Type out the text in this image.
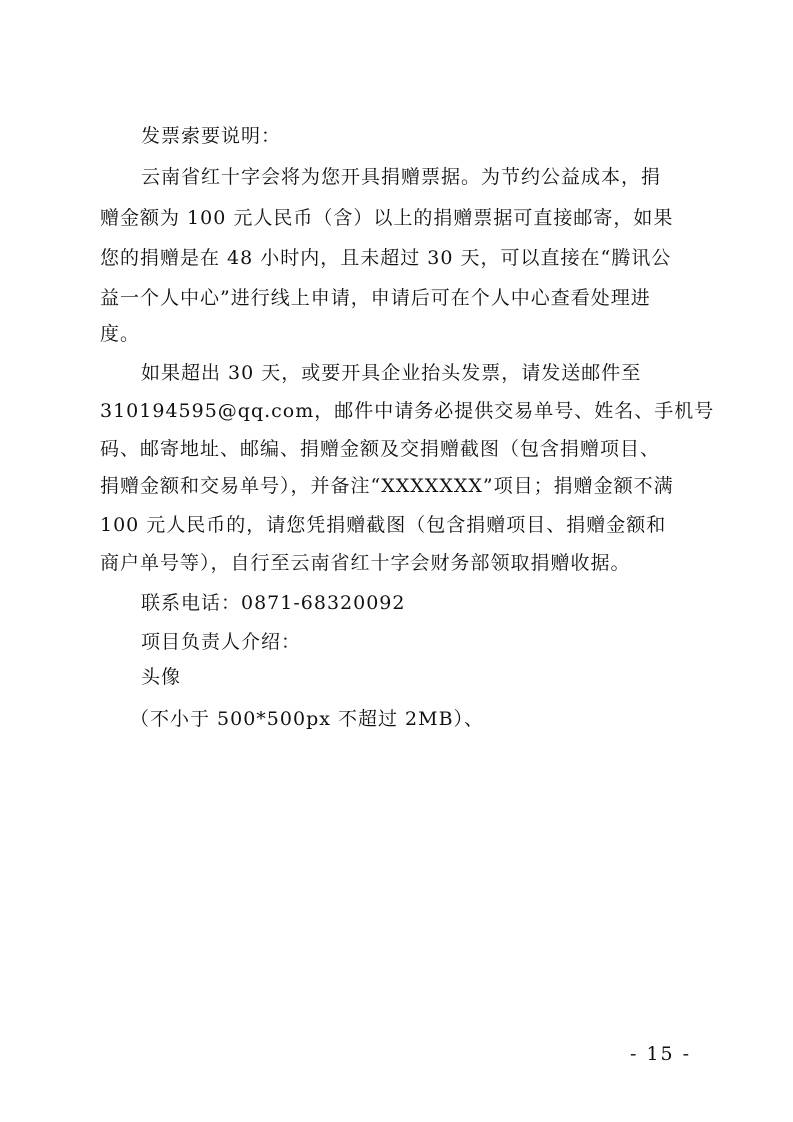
发票索要说明：
云南省红十字会将为您开具捐赠票据。为节约公益成本，捐
赠金额为 100 元人民币（含）以上的捐赠票据可直接邮寄，如果
您的捐赠是在 48 小时内，且未超过 30 天，可以直接在“腾讯公
益一个人中心”进行线上申请，申请后可在个人中心查看处理进
度。
如果超出 30 天，或要开具企业抬头发票，请发送邮件至
310194595@qq.com，邮件中请务必提供交易单号、姓名、手机号
码、邮寄地址、邮编、捐赠金额及交捐赠截图（包含捐赠项目、
捐赠金额和交易单号），并备注“XXXXXXX”项目；捐赠金额不满
100 元人民币的，请您凭捐赠截图（包含捐赠项目、捐赠金额和
商户单号等），自行至云南省红十字会财务部领取捐赠收据。
联系电话：0871-68320092
项目负责人介绍：
头像
（不小于 500*500px 不超过 2MB）、
- 15 -
